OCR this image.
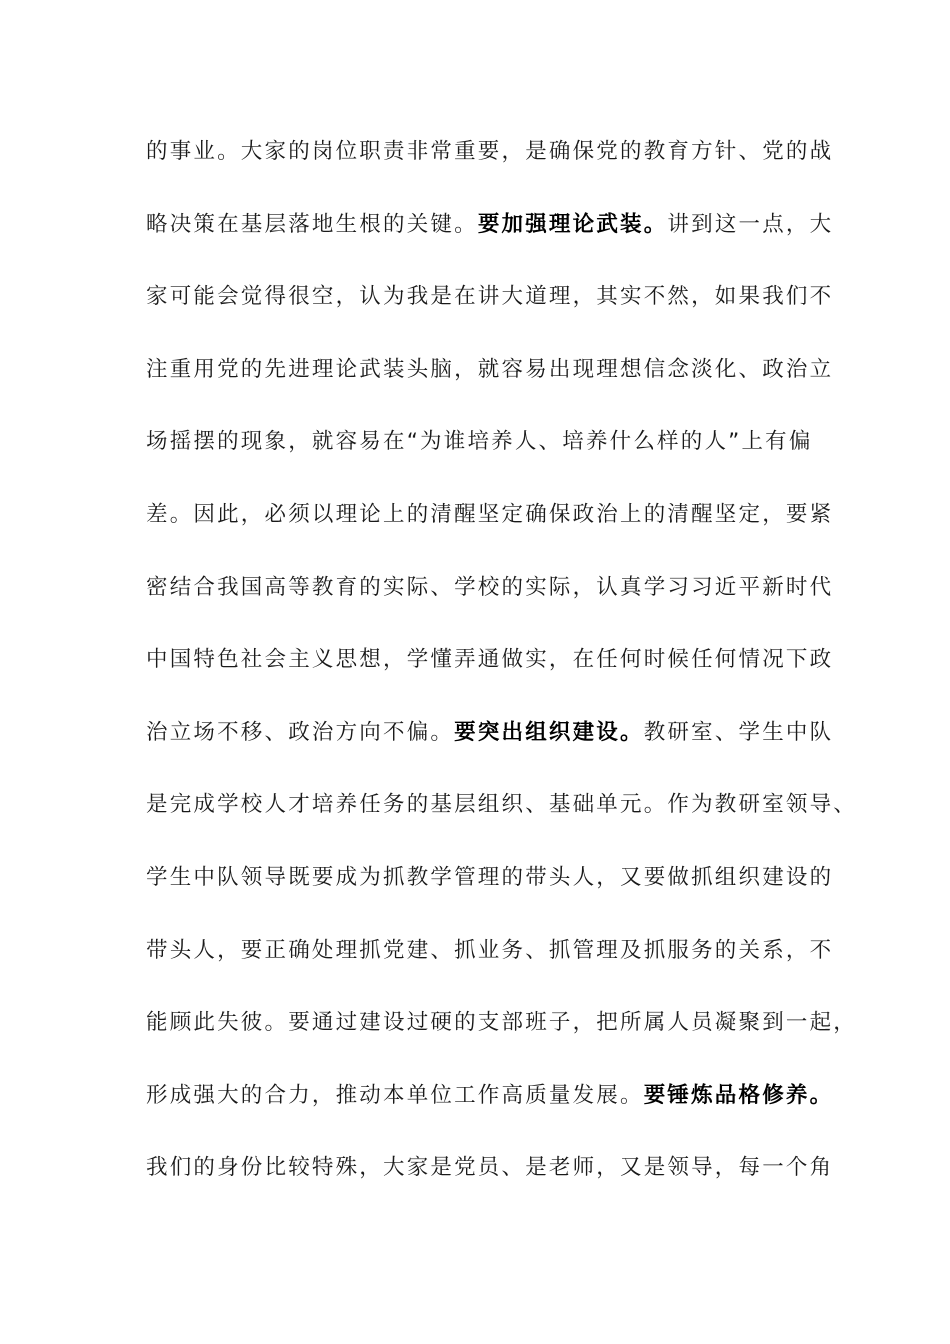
的事业。大家的岗位职责非常重要，是确保党的教育方针、党的战
略决策在基层落地生根的关键。要加强理论武装。讲到这一点，大
家可能会觉得很空，认为我是在讲大道理，其实不然，如果我们不
注重用党的先进理论武装头脑，就容易出现理想信念淡化、政治立
场摇摆的现象，就容易在“为谁培养人、培养什么样的人”上有偏
差。因此，必须以理论上的清醒坚定确保政治上的清醒坚定，要紧
密结合我国高等教育的实际、学校的实际，认真学习习近平新时代
中国特色社会主义思想，学懂弄通做实，在任何时候任何情况下政
治立场不移、政治方向不偏。要突出组织建设。教研室、学生中队
是完成学校人才培养任务的基层组织、基础单元。作为教研室领导、
学生中队领导既要成为抓教学管理的带头人，又要做抓组织建设的
带头人，要正确处理抓党建、抓业务、抓管理及抓服务的关系，不
能顾此失彼。要通过建设过硬的支部班子，把所属人员凝聚到一起，
形成强大的合力，推动本单位工作高质量发展。要锤炼品格修养。
我们的身份比较特殊，大家是党员、是老师，又是领导，每一个角
